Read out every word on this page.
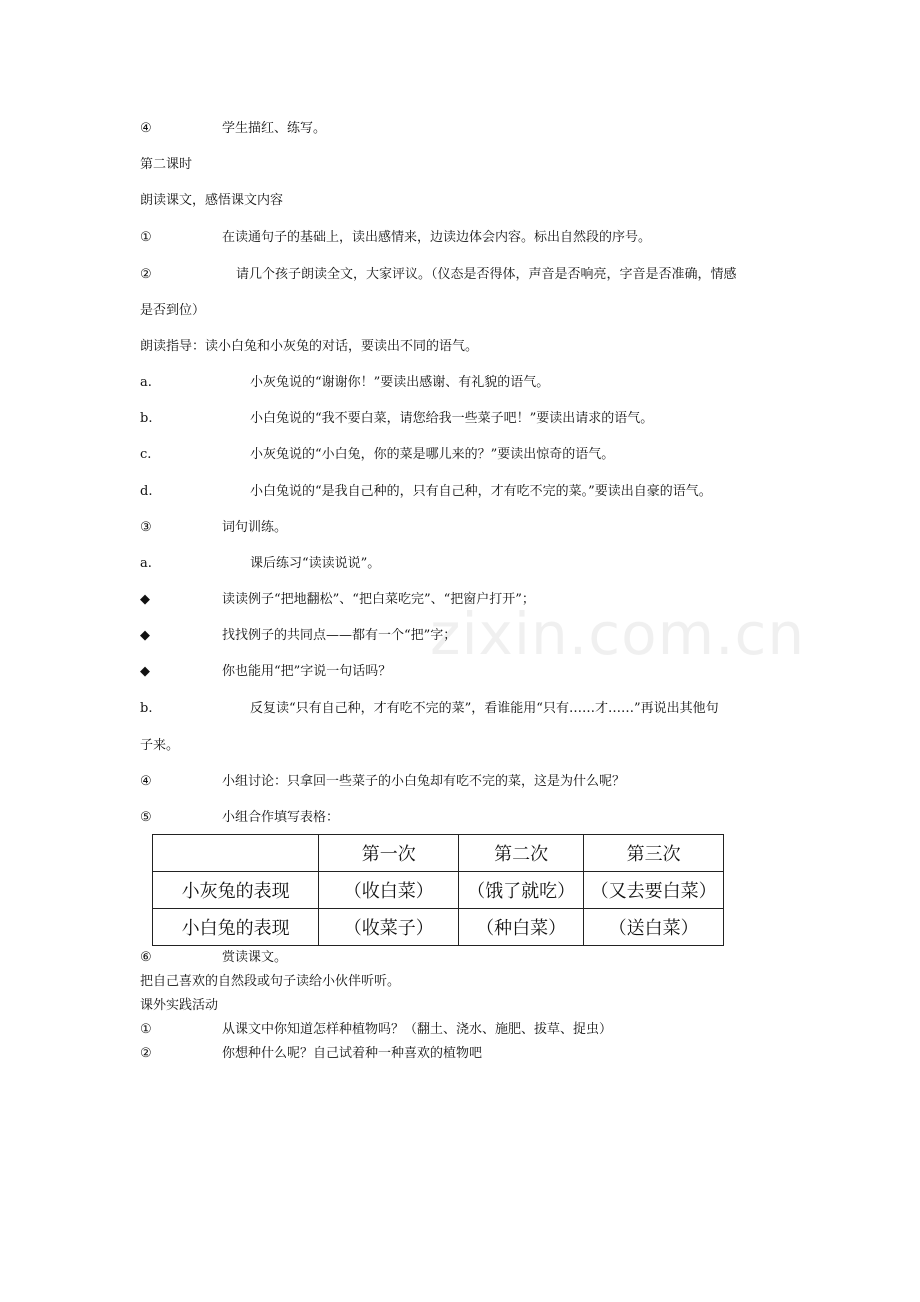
zixin.com.cn
④	学生描红、练写。
第二课时
朗读课文，感悟课文内容
①	在读通句子的基础上，读出感情来，边读边体会内容。标出自然段的序号。
②	请几个孩子朗读全文，大家评议。（仪态是否得体，声音是否响亮，字音是否准确，情感
是否到位）
朗读指导：读小白兔和小灰兔的对话，要读出不同的语气。
a.	小灰兔说的“谢谢你！”要读出感谢、有礼貌的语气。
b.	小白兔说的“我不要白菜，请您给我一些菜子吧！”要读出请求的语气。
c.	小灰兔说的“小白兔，你的菜是哪儿来的？”要读出惊奇的语气。
d.	小白兔说的“是我自己种的，只有自己种，才有吃不完的菜。”要读出自豪的语气。
③	词句训练。
a.	课后练习“读读说说”。
◆	读读例子“把地翻松”、“把白菜吃完”、“把窗户打开”；
◆	找找例子的共同点——都有一个“把”字；
◆	你也能用“把”字说一句话吗？
b.	反复读“只有自己种，才有吃不完的菜”，看谁能用“只有……才……”再说出其他句
子来。
④	小组讨论：只拿回一些菜子的小白兔却有吃不完的菜，这是为什么呢？
⑤	小组合作填写表格：
	第一次	第二次	第三次
小灰兔的表现	（收白菜）	（饿了就吃）	（又去要白菜）
小白兔的表现	（收菜子）	（种白菜）	（送白菜）
⑥	赏读课文。
把自己喜欢的自然段或句子读给小伙伴听听。
课外实践活动
①	从课文中你知道怎样种植物吗？（翻土、浇水、施肥、拔草、捉虫）
②	你想种什么呢？自己试着种一种喜欢的植物吧
